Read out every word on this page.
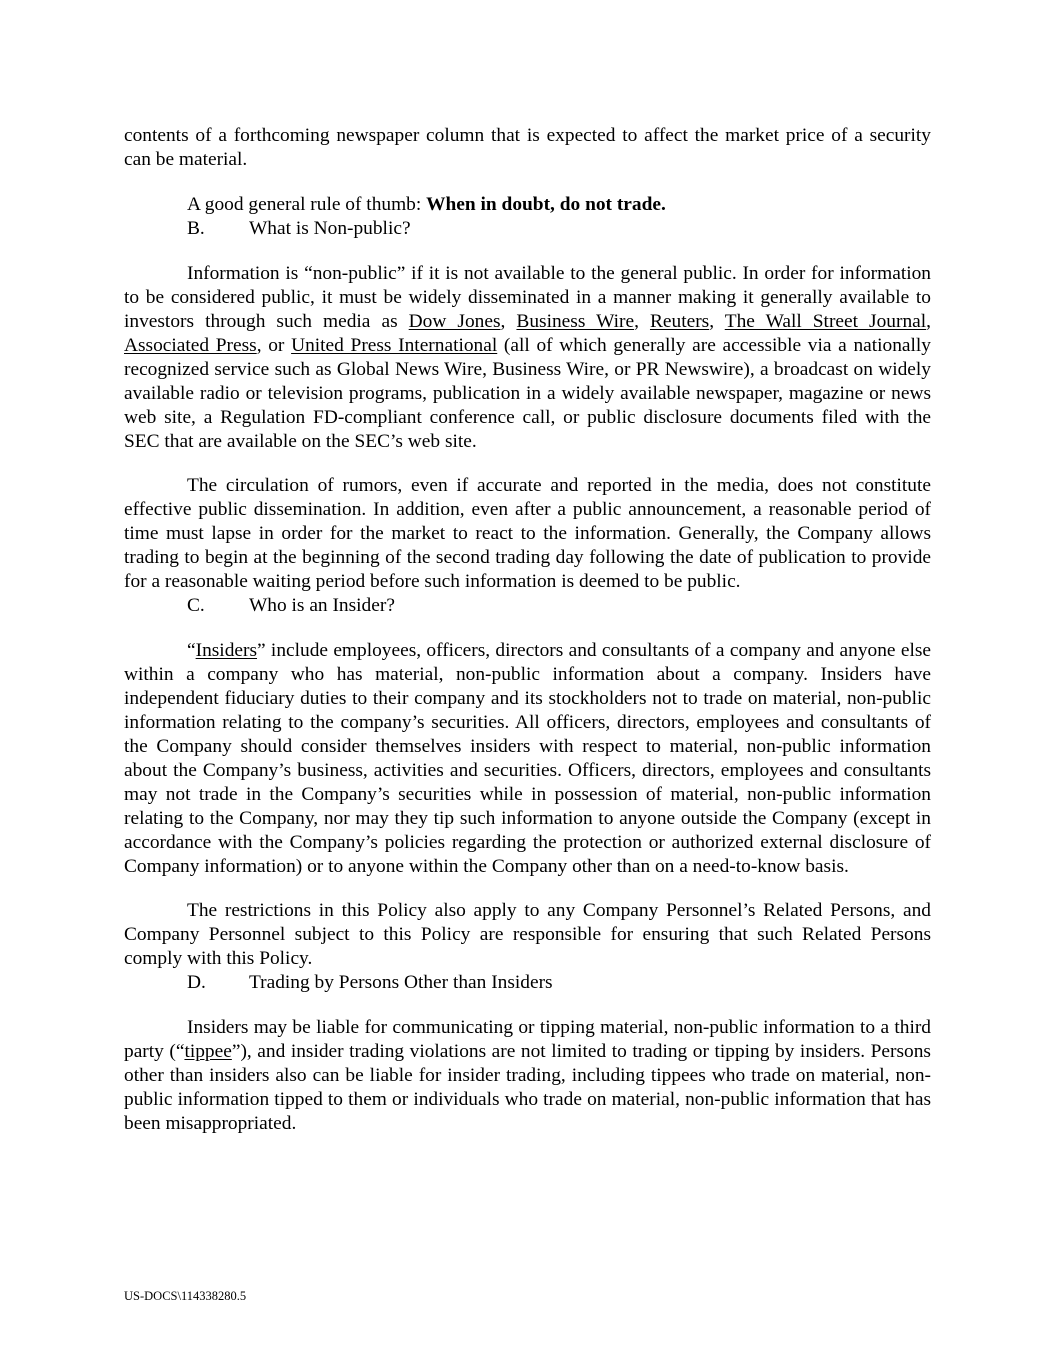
contents of a forthcoming newspaper column that is expected to affect the market price of a security can be material.

A good general rule of thumb: When in doubt, do not trade.

B.	What is Non-public?

Information is “non-public” if it is not available to the general public. In order for information to be considered public, it must be widely disseminated in a manner making it generally available to investors through such media as Dow Jones, Business Wire, Reuters, The Wall Street Journal, Associated Press, or United Press International (all of which generally are accessible via a nationally recognized service such as Global News Wire, Business Wire, or PR Newswire), a broadcast on widely available radio or television programs, publication in a widely available newspaper, magazine or news web site, a Regulation FD-compliant conference call, or public disclosure documents filed with the SEC that are available on the SEC’s web site.

The circulation of rumors, even if accurate and reported in the media, does not constitute effective public dissemination. In addition, even after a public announcement, a reasonable period of time must lapse in order for the market to react to the information. Generally, the Company allows trading to begin at the beginning of the second trading day following the date of publication to provide for a reasonable waiting period before such information is deemed to be public.

C.	Who is an Insider?

“Insiders” include employees, officers, directors and consultants of a company and anyone else within a company who has material, non-public information about a company. Insiders have independent fiduciary duties to their company and its stockholders not to trade on material, non-public information relating to the company’s securities. All officers, directors, employees and consultants of the Company should consider themselves insiders with respect to material, non-public information about the Company’s business, activities and securities. Officers, directors, employees and consultants may not trade in the Company’s securities while in possession of material, non-public information relating to the Company, nor may they tip such information to anyone outside the Company (except in accordance with the Company’s policies regarding the protection or authorized external disclosure of Company information) or to anyone within the Company other than on a need-to-know basis.

The restrictions in this Policy also apply to any Company Personnel’s Related Persons, and Company Personnel subject to this Policy are responsible for ensuring that such Related Persons comply with this Policy.

D.	Trading by Persons Other than Insiders

Insiders may be liable for communicating or tipping material, non-public information to a third party (“tippee”), and insider trading violations are not limited to trading or tipping by insiders. Persons other than insiders also can be liable for insider trading, including tippees who trade on material, non-public information tipped to them or individuals who trade on material, non-public information that has been misappropriated.

US-DOCS\114338280.5
